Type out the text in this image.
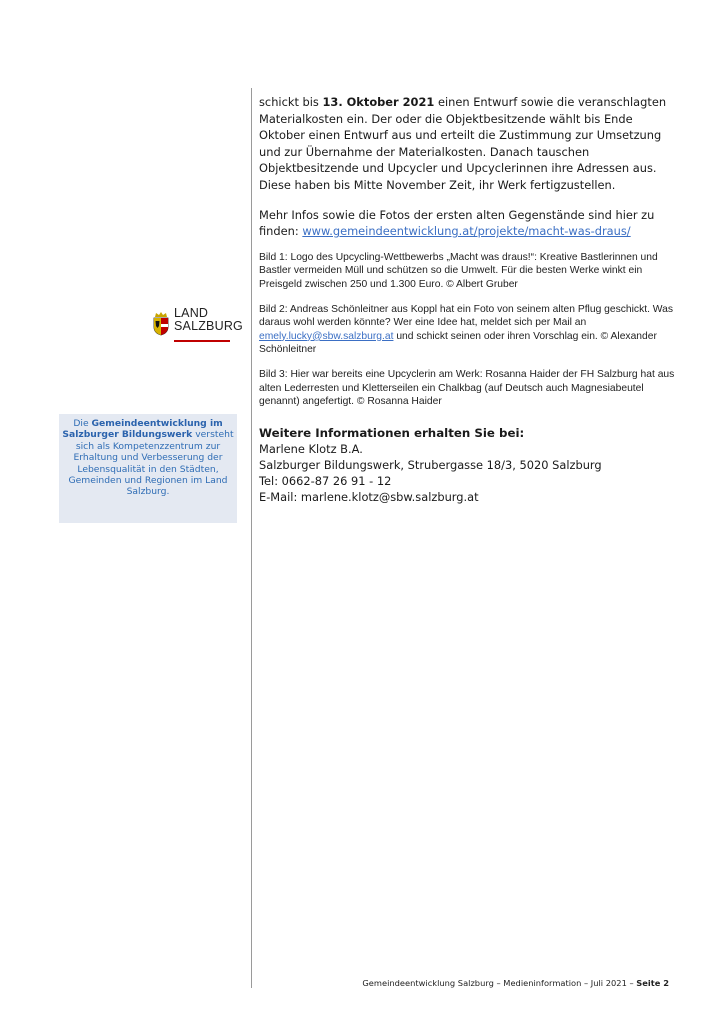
LAND
SALZBURG
Die Gemeindeentwicklung im Salzburger Bildungswerk versteht sich als Kompetenzzentrum zur Erhaltung und Verbesserung der Lebensqualität in den Städten, Gemeinden und Regionen im Land Salzburg.

schickt bis 13. Oktober 2021 einen Entwurf sowie die veranschlagten Materialkosten ein. Der oder die Objektbesitzende wählt bis Ende Oktober einen Entwurf aus und erteilt die Zustimmung zur Umsetzung und zur Übernahme der Materialkosten. Danach tauschen Objektbesitzende und Upcycler und Upcyclerinnen ihre Adressen aus. Diese haben bis Mitte November Zeit, ihr Werk fertigzustellen.

Mehr Infos sowie die Fotos der ersten alten Gegenstände sind hier zu finden: www.gemeindeentwicklung.at/projekte/macht-was-draus/

Bild 1: Logo des Upcycling-Wettbewerbs „Macht was draus!“: Kreative Bastlerinnen und Bastler vermeiden Müll und schützen so die Umwelt. Für die besten Werke winkt ein Preisgeld zwischen 250 und 1.300 Euro. © Albert Gruber

Bild 2: Andreas Schönleitner aus Koppl hat ein Foto von seinem alten Pflug geschickt. Was daraus wohl werden könnte? Wer eine Idee hat, meldet sich per Mail an emely.lucky@sbw.salzburg.at und schickt seinen oder ihren Vorschlag ein. © Alexander Schönleitner

Bild 3: Hier war bereits eine Upcyclerin am Werk: Rosanna Haider der FH Salzburg hat aus alten Lederresten und Kletterseilen ein Chalkbag (auf Deutsch auch Magnesiabeutel genannt) angefertigt. © Rosanna Haider

Weitere Informationen erhalten Sie bei:

Marlene Klotz B.A.

Salzburger Bildungswerk, Strubergasse 18/3, 5020 Salzburg

Tel: 0662-87 26 91 - 12

E-Mail: marlene.klotz@sbw.salzburg.at

Gemeindeentwicklung Salzburg – Medieninformation – Juli 2021 – Seite 2
